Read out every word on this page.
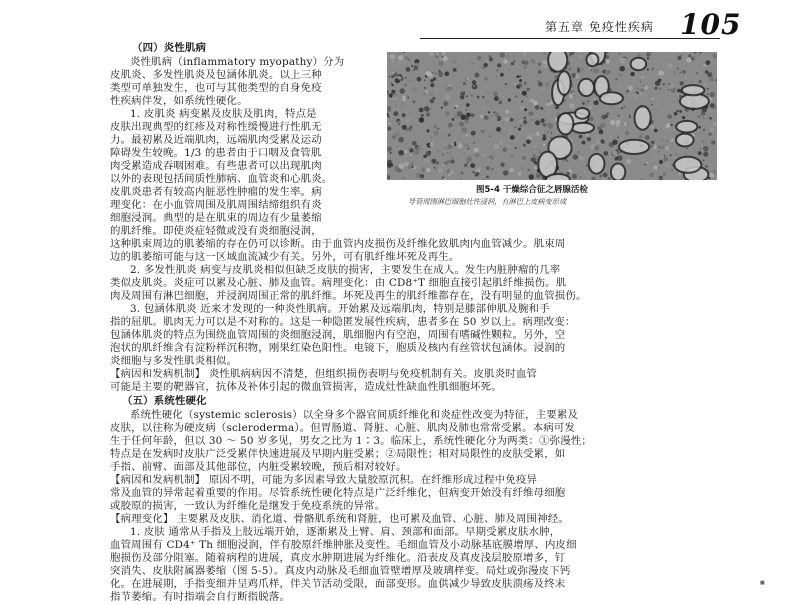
第五章 免疫性疾病 105
图5-4 干燥综合征之唇腺活检
导管周围淋巴细胞灶性浸润，有淋巴上皮病变形成
（四）炎性肌病
炎性肌病（inflammatory myopathy）分为
皮肌炎、多发性肌炎及包涵体肌炎。以上三种
类型可单独发生，也可与其他类型的自身免疫
性疾病伴发，如系统性硬化。
1. 皮肌炎 病变累及皮肤及肌肉，特点是
皮肤出现典型的红疹及对称性缓慢进行性肌无
力。最初累及近端肌肉，远端肌肉受累及运动
障碍发生较晚。1/3 的患者由于口咽及食管肌
肉受累造成吞咽困难。有些患者可以出现肌肉
以外的表现包括间质性肺病、血管炎和心肌炎。
皮肌炎患者有较高内脏恶性肿瘤的发生率。病
理变化：在小血管周围及肌周围结缔组织有炎
细胞浸润。典型的是在肌束的周边有少量萎缩
的肌纤维。即使炎症轻微或没有炎细胞浸润，
这种肌束周边的肌萎缩的存在仍可以诊断。由于血管内皮损伤及纤维化致肌肉内血管减少。肌束周
边的肌萎缩可能与这一区域血流减少有关。另外，可有肌纤维坏死及再生。
2. 多发性肌炎 病变与皮肌炎相似但缺乏皮肤的损害，主要发生在成人。发生内脏肿瘤的几率
类似皮肌炎。炎症可以累及心脏、肺及血管。病理变化：由 CD8⁺T 细胞直接引起肌纤维损伤。肌
肉及周围有淋巴细胞，并浸润周围正常的肌纤维。坏死及再生的肌纤维都存在，没有明显的血管损伤。
3. 包涵体肌炎 近来才发现的一种炎性肌病。开始累及远端肌肉，特别是膝部伸肌及腕和手
指的屈肌。肌肉无力可以是不对称的。这是一种隐匿发展性疾病，患者多在 50 岁以上。病理改变：
包涵体肌炎的特点为围绕血管周围的炎细胞浸润，肌细胞内有空泡，周围有嗜碱性颗粒。另外，空
泡状的肌纤维含有淀粉样沉积物，刚果红染色阳性。电镜下，胞质及核内有丝管状包涵体。浸润的
炎细胞与多发性肌炎相似。
【病因和发病机制】 炎性肌病病因不清楚，但组织损伤表明与免疫机制有关。皮肌炎时血管
可能是主要的靶器官，抗体及补体引起的微血管损害，造成灶性缺血性肌细胞坏死。
（五）系统性硬化
系统性硬化（systemic sclerosis）以全身多个器官间质纤维化和炎症性改变为特征，主要累及
皮肤，以往称为硬皮病（scleroderma）。但胃肠道、肾脏、心脏、肌肉及肺也常常受累。本病可发
生于任何年龄，但以 30 ～ 50 岁多见，男女之比为 1∶3。临床上，系统性硬化分为两类：①弥漫性；
特点是在发病时皮肤广泛受累伴快速进展及早期内脏受累；②局限性；相对局限性的皮肤受累，如
手指、前臂、面部及其他部位，内脏受累较晚，预后相对较好。
【病因和发病机制】 原因不明，可能为多因素导致大量胶原沉积。在纤维形成过程中免疫异
常及血管的异常起着重要的作用。尽管系统性硬化特点是广泛纤维化，但病变开始没有纤维母细胞
或胶原的损害，一致认为纤维化是继发于免疫系统的异常。
【病理变化】 主要累及皮肤、消化道、骨骼肌系统和肾脏，也可累及血管、心脏、肺及周围神经。
1. 皮肤 通常从手指及上肢远端开始，逐渐累及上臂、肩、颈部和面部。早期受累皮肤水肿，
血管周围有 CD4⁺ Th 细胞浸润，伴有胶原纤维肿胀及变性。毛细血管及小动脉基底膜增厚、内皮细
胞损伤及部分阻塞。随着病程的进展，真皮水肿期进展为纤维化。沿表皮及真皮浅层胶原增多，钉
突消失、皮肤附属器萎缩（图 5-5）。真皮内动脉及毛细血管壁增厚及玻璃样变。局灶或弥漫皮下钙
化。在进展期，手指变细并呈鸡爪样，伴关节活动受限，面部变形。血供减少导致皮肤溃疡及终末
指节萎缩。有时指端会自行断指脱落。
■
